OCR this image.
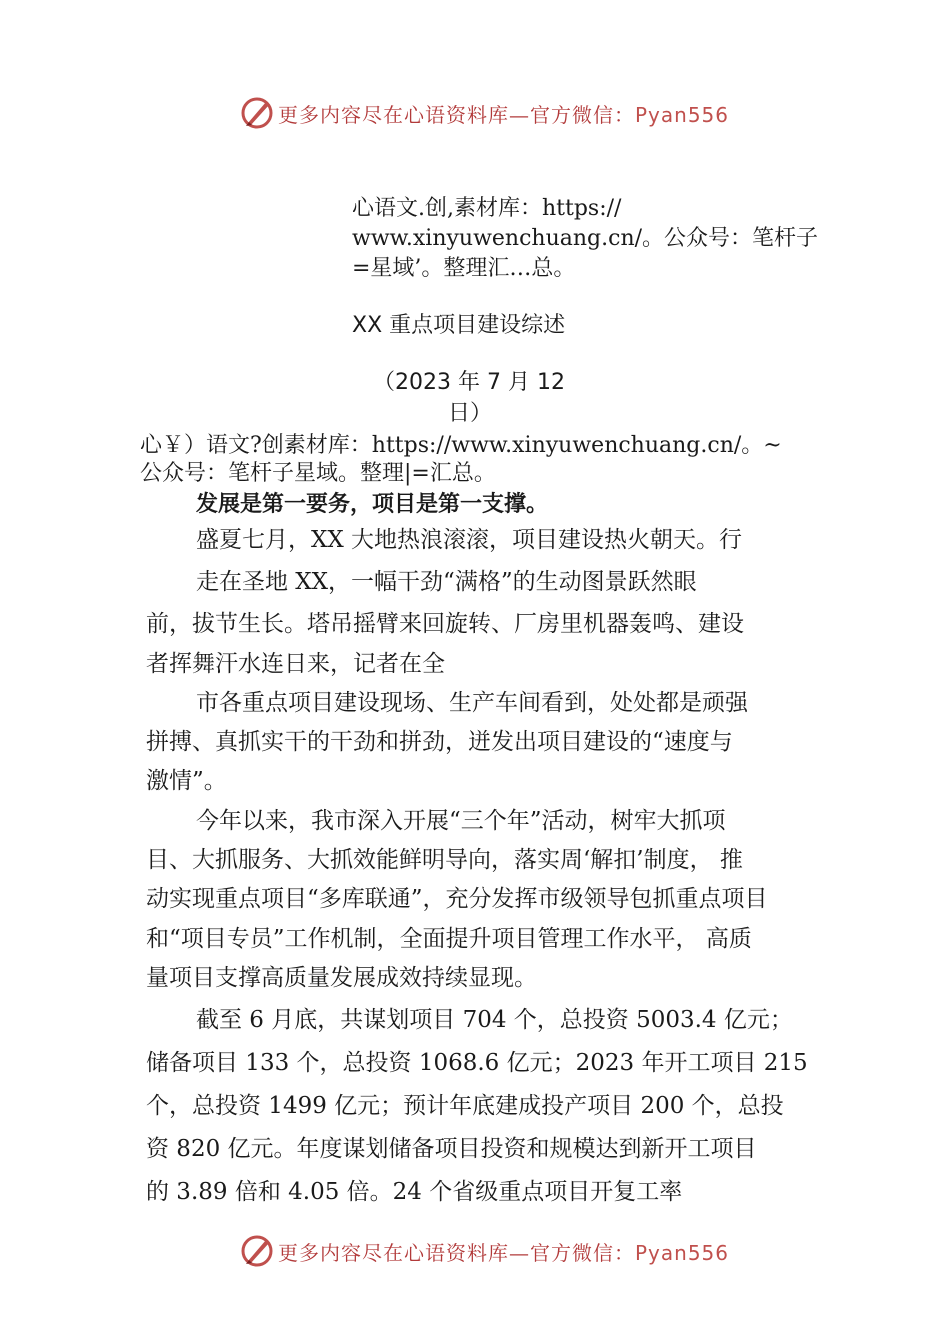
更多内容尽在心语资料库—官方微信：Pyan556
心语文.创,素材库：https://
www.xinyuwenchuang.cn/。公众号：笔杆子
=星域’。整理汇…总。
XX 重点项目建设综述
（2023 年 7 月 12
日）
心￥）语文?创素材库：https://www.xinyuwenchuang.cn/。~
公众号：笔杆子星域。整理|=汇总。
发展是第一要务，项目是第一支撑。
盛夏七月，XX 大地热浪滚滚，项目建设热火朝天。行
走在圣地 XX，一幅干劲“满格”的生动图景跃然眼
前，拔节生长。塔吊摇臂来回旋转、厂房里机器轰鸣、建设
者挥舞汗水连日来，记者在全
市各重点项目建设现场、生产车间看到，处处都是顽强
拼搏、真抓实干的干劲和拼劲，迸发出项目建设的“速度与
激情”。
今年以来，我市深入开展“三个年”活动，树牢大抓项
目、大抓服务、大抓效能鲜明导向，落实周‘解扣’制度， 推
动实现重点项目“多库联通”，充分发挥市级领导包抓重点项目
和“项目专员”工作机制，全面提升项目管理工作水平， 高质
量项目支撑高质量发展成效持续显现。
截至 6 月底，共谋划项目 704 个，总投资 5003.4 亿元；
储备项目 133 个，总投资 1068.6 亿元；2023 年开工项目 215
个，总投资 1499 亿元；预计年底建成投产项目 200 个，总投
资 820 亿元。年度谋划储备项目投资和规模达到新开工项目
的 3.89 倍和 4.05 倍。24 个省级重点项目开复工率
更多内容尽在心语资料库—官方微信：Pyan556
